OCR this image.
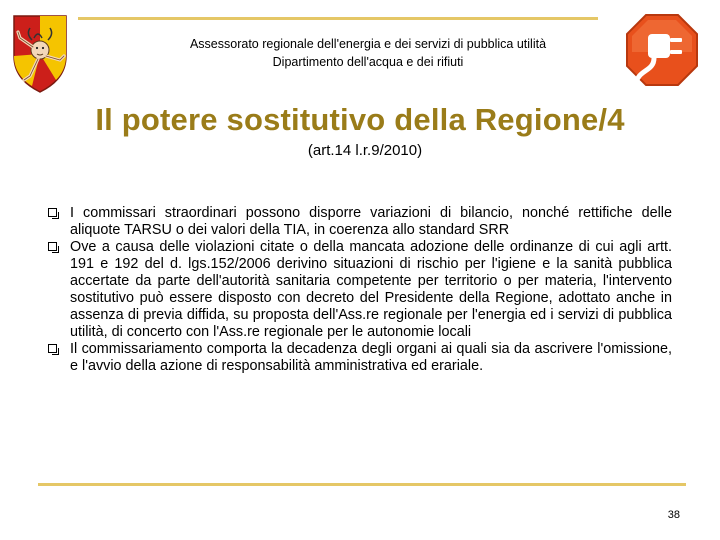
Assessorato regionale dell'energia e dei servizi di pubblica utilità
Dipartimento dell'acqua e dei rifiuti
Il potere sostitutivo della Regione/4
(art.14 l.r.9/2010)
I commissari straordinari possono disporre variazioni di bilancio, nonché rettifiche delle aliquote TARSU o dei valori della TIA, in coerenza allo standard SRR
Ove a causa delle violazioni citate o della mancata adozione delle ordinanze di cui agli artt. 191 e 192 del d. lgs.152/2006 derivino situazioni di rischio per l'igiene e la sanità pubblica accertate da parte dell'autorità sanitaria competente per territorio o per materia, l'intervento sostitutivo può essere disposto con decreto del Presidente della Regione, adottato anche in assenza di previa diffida, su proposta dell'Ass.re regionale per l'energia ed i servizi di pubblica utilità, di concerto con l'Ass.re regionale per le autonomie locali
Il commissariamento comporta la decadenza degli organi ai quali sia da ascrivere l'omissione, e l'avvio della azione di responsabilità amministrativa ed erariale.
38
